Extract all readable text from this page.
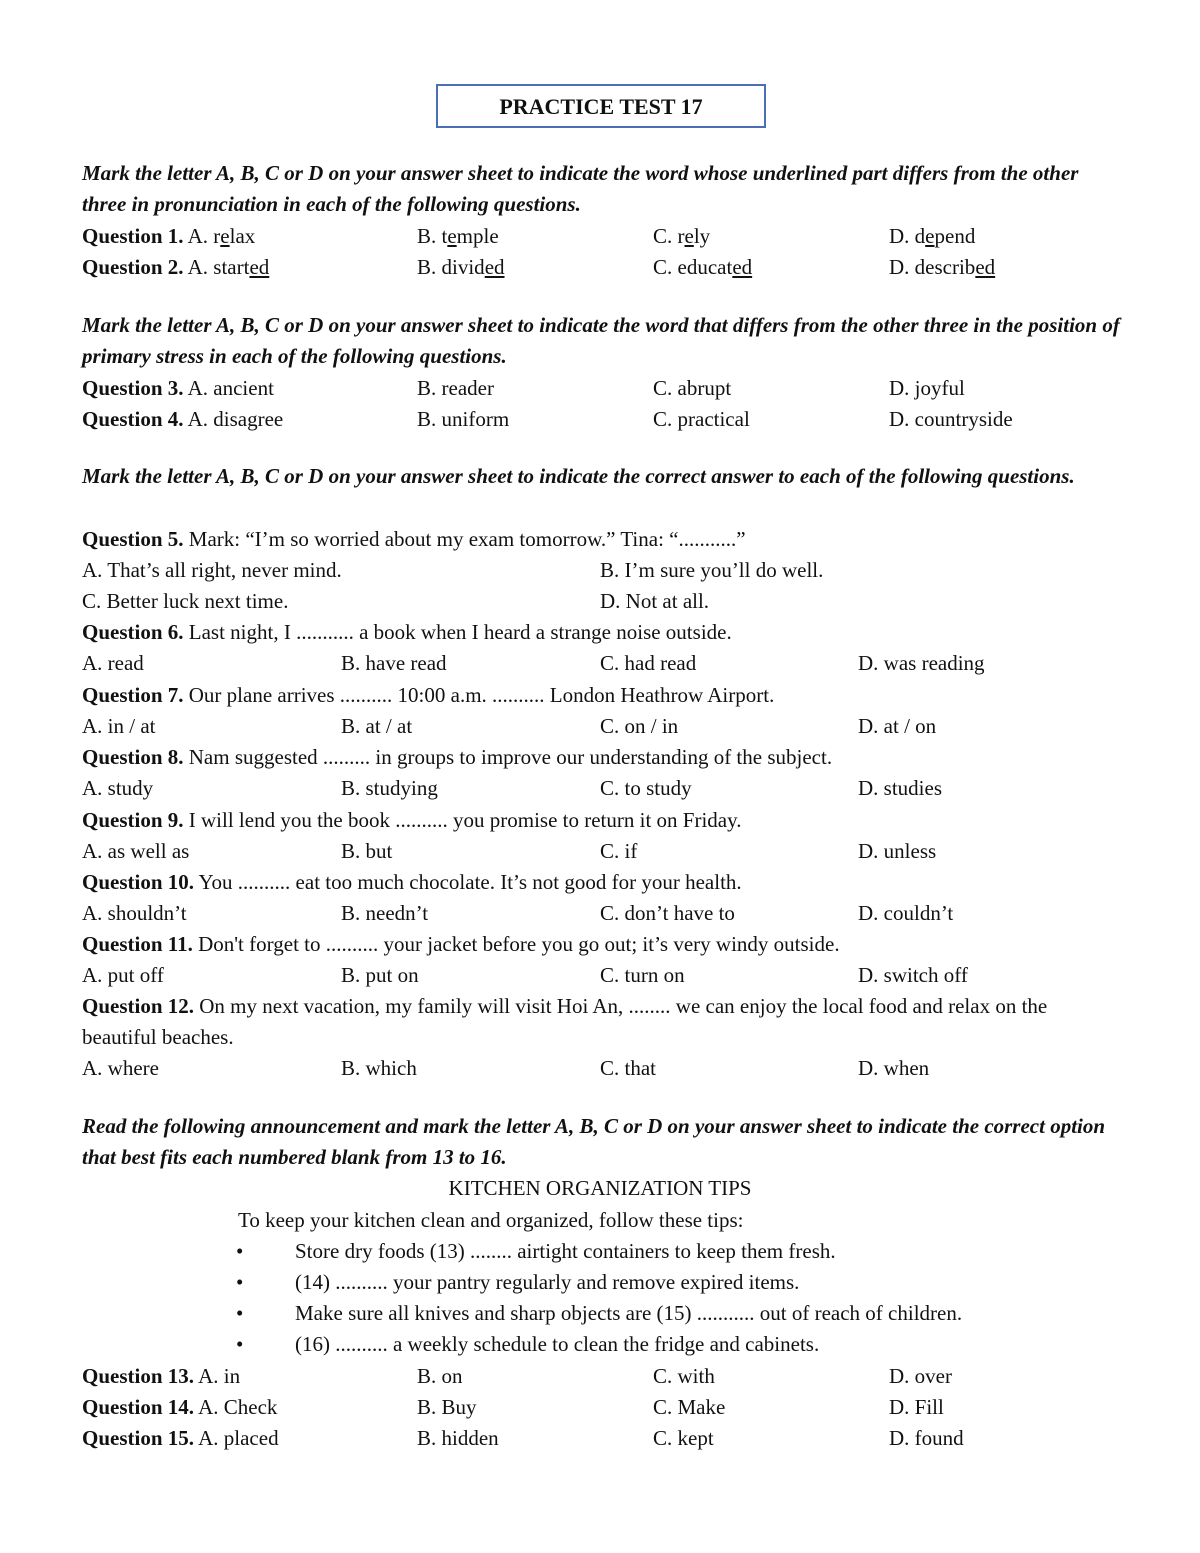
PRACTICE TEST 17
Mark the letter A, B, C or D on your answer sheet to indicate the word whose underlined part differs from the other three in pronunciation in each of the following questions.
Question 1. A. relax	B. temple	C. rely	D. depend
Question 2. A. started	B. divided	C. educated	D. described
Mark the letter A, B, C or D on your answer sheet to indicate the word that differs from the other three in the position of primary stress in each of the following questions.
Question 3. A. ancient	B. reader	C. abrupt	D. joyful
Question 4. A. disagree	B. uniform	C. practical	D. countryside
Mark the letter A, B, C or D on your answer sheet to indicate the correct answer to each of the following questions.
Question 5. Mark: “I’m so worried about my exam tomorrow.” Tina: “...........”
A. That’s all right, never mind.	B. I’m sure you’ll do well.
C. Better luck next time.	D. Not at all.
Question 6. Last night, I ........... a book when I heard a strange noise outside.
A. read	B. have read	C. had read	D. was reading
Question 7. Our plane arrives .......... 10:00 a.m. .......... London Heathrow Airport.
A. in / at	B. at / at	C. on / in	D. at / on
Question 8. Nam suggested ......... in groups to improve our understanding of the subject.
A. study	B. studying	C. to study	D. studies
Question 9. I will lend you the book .......... you promise to return it on Friday.
A. as well as	B. but	C. if	D. unless
Question 10. You .......... eat too much chocolate. It’s not good for your health.
A. shouldn’t	B. needn’t	C. don’t have to	D. couldn’t
Question 11. Don't forget to .......... your jacket before you go out; it’s very windy outside.
A. put off	B. put on	C. turn on	D. switch off
Question 12. On my next vacation, my family will visit Hoi An, ........ we can enjoy the local food and relax on the beautiful beaches.
A. where	B. which	C. that	D. when
Read the following announcement and mark the letter A, B, C or D on your answer sheet to indicate the correct option that best fits each numbered blank from 13 to 16.
KITCHEN ORGANIZATION TIPS
To keep your kitchen clean and organized, follow these tips:
• Store dry foods (13) ........ airtight containers to keep them fresh.
• (14) .......... your pantry regularly and remove expired items.
• Make sure all knives and sharp objects are (15) ........... out of reach of children.
• (16) .......... a weekly schedule to clean the fridge and cabinets.
Question 13. A. in	B. on	C. with	D. over
Question 14. A. Check	B. Buy	C. Make	D. Fill
Question 15. A. placed	B. hidden	C. kept	D. found
